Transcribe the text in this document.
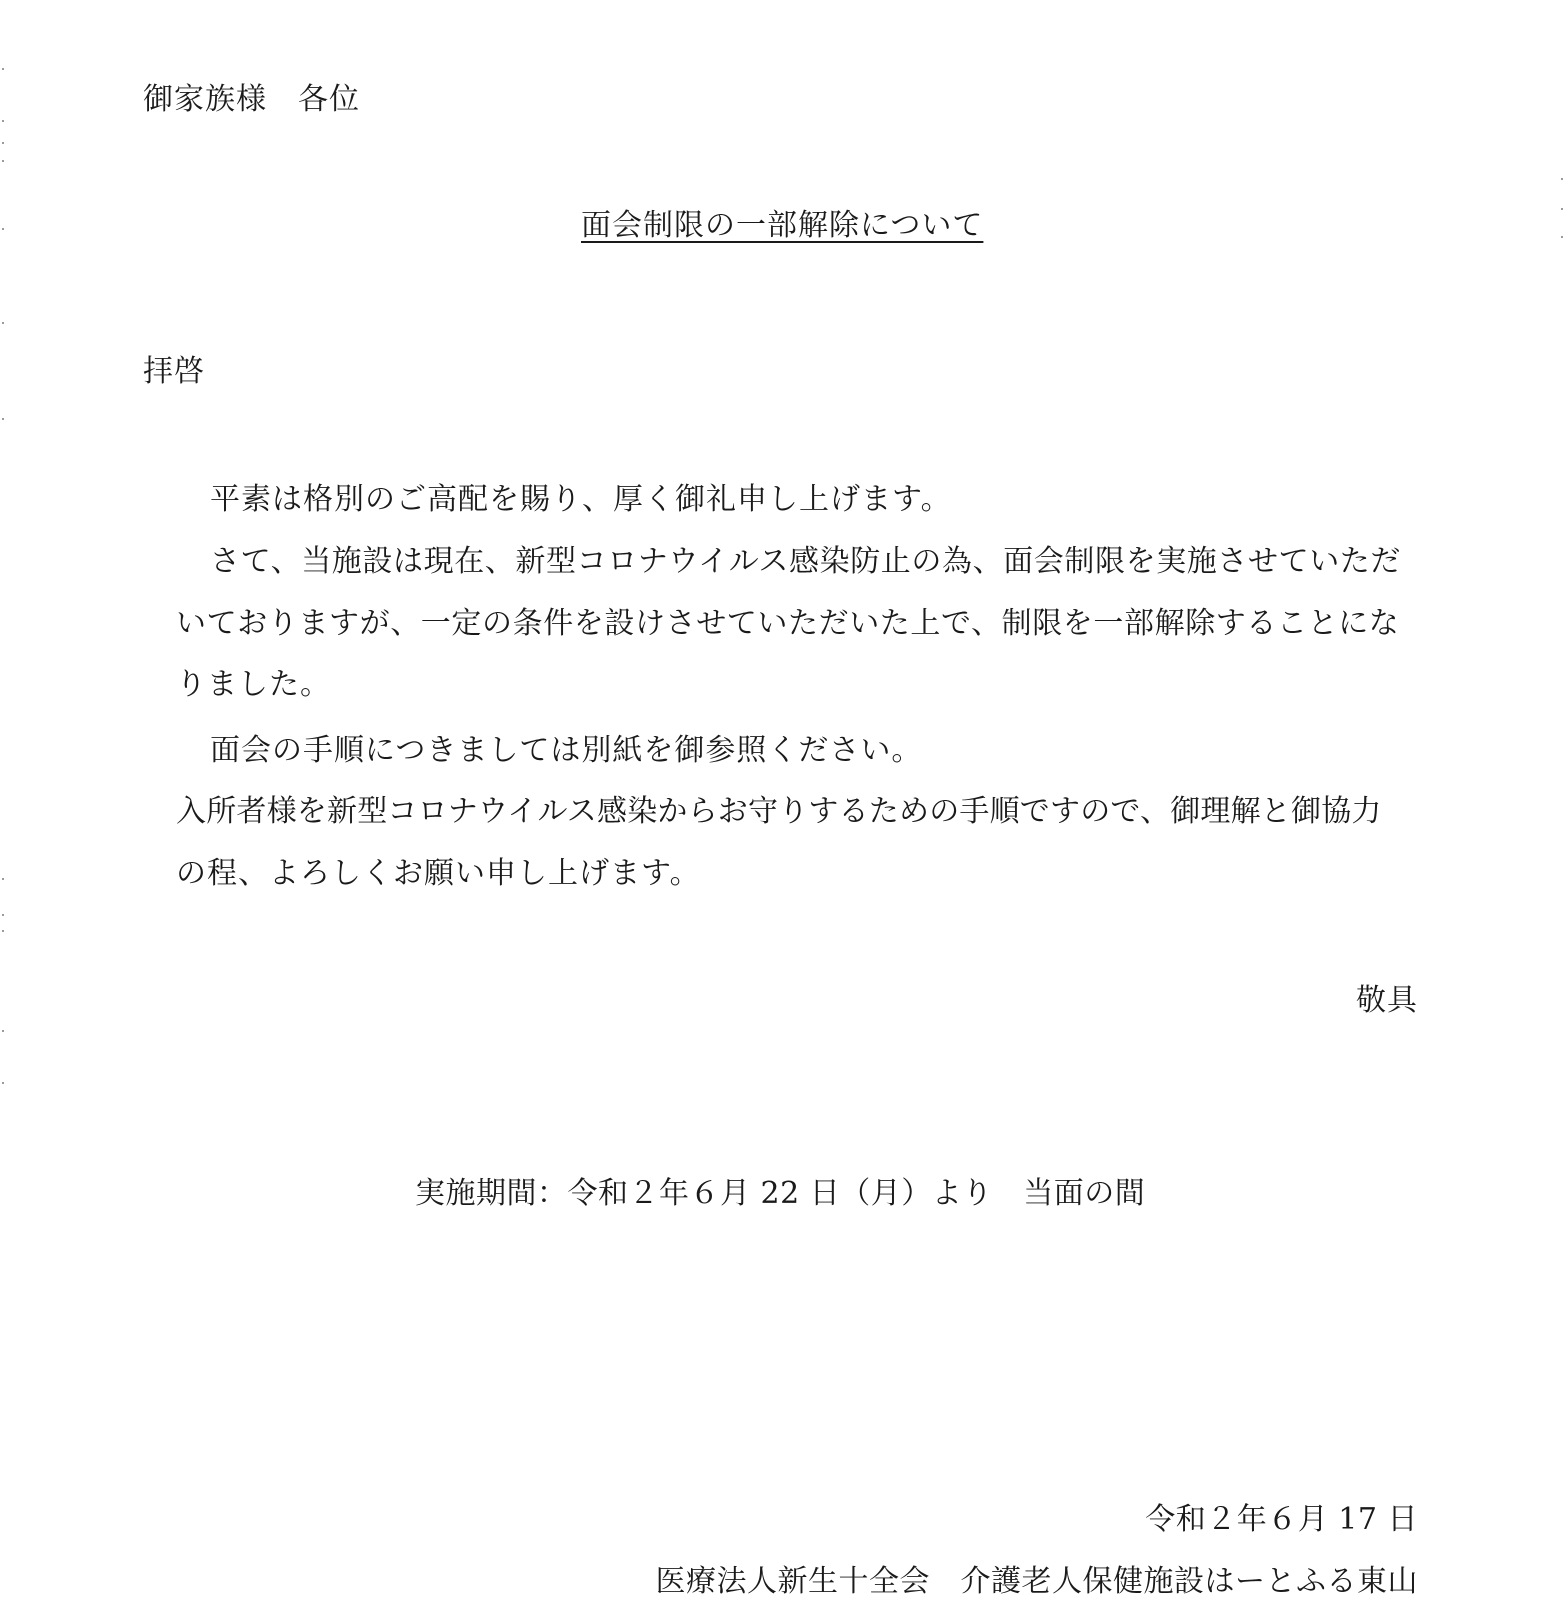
御家族様　各位
面会制限の一部解除について
拝啓
平素は格別のご高配を賜り、厚く御礼申し上げます。
さて、当施設は現在、新型コロナウイルス感染防止の為、面会制限を実施させていただ
いておりますが、一定の条件を設けさせていただいた上で、制限を一部解除することにな
りました。
面会の手順につきましては別紙を御参照ください。
入所者様を新型コロナウイルス感染からお守りするための手順ですので、御理解と御協力
の程、よろしくお願い申し上げます。
敬具
実施期間：令和２年６月 22 日（月）より　当面の間
令和２年６月 17 日
医療法人新生十全会　介護老人保健施設はーとふる東山
